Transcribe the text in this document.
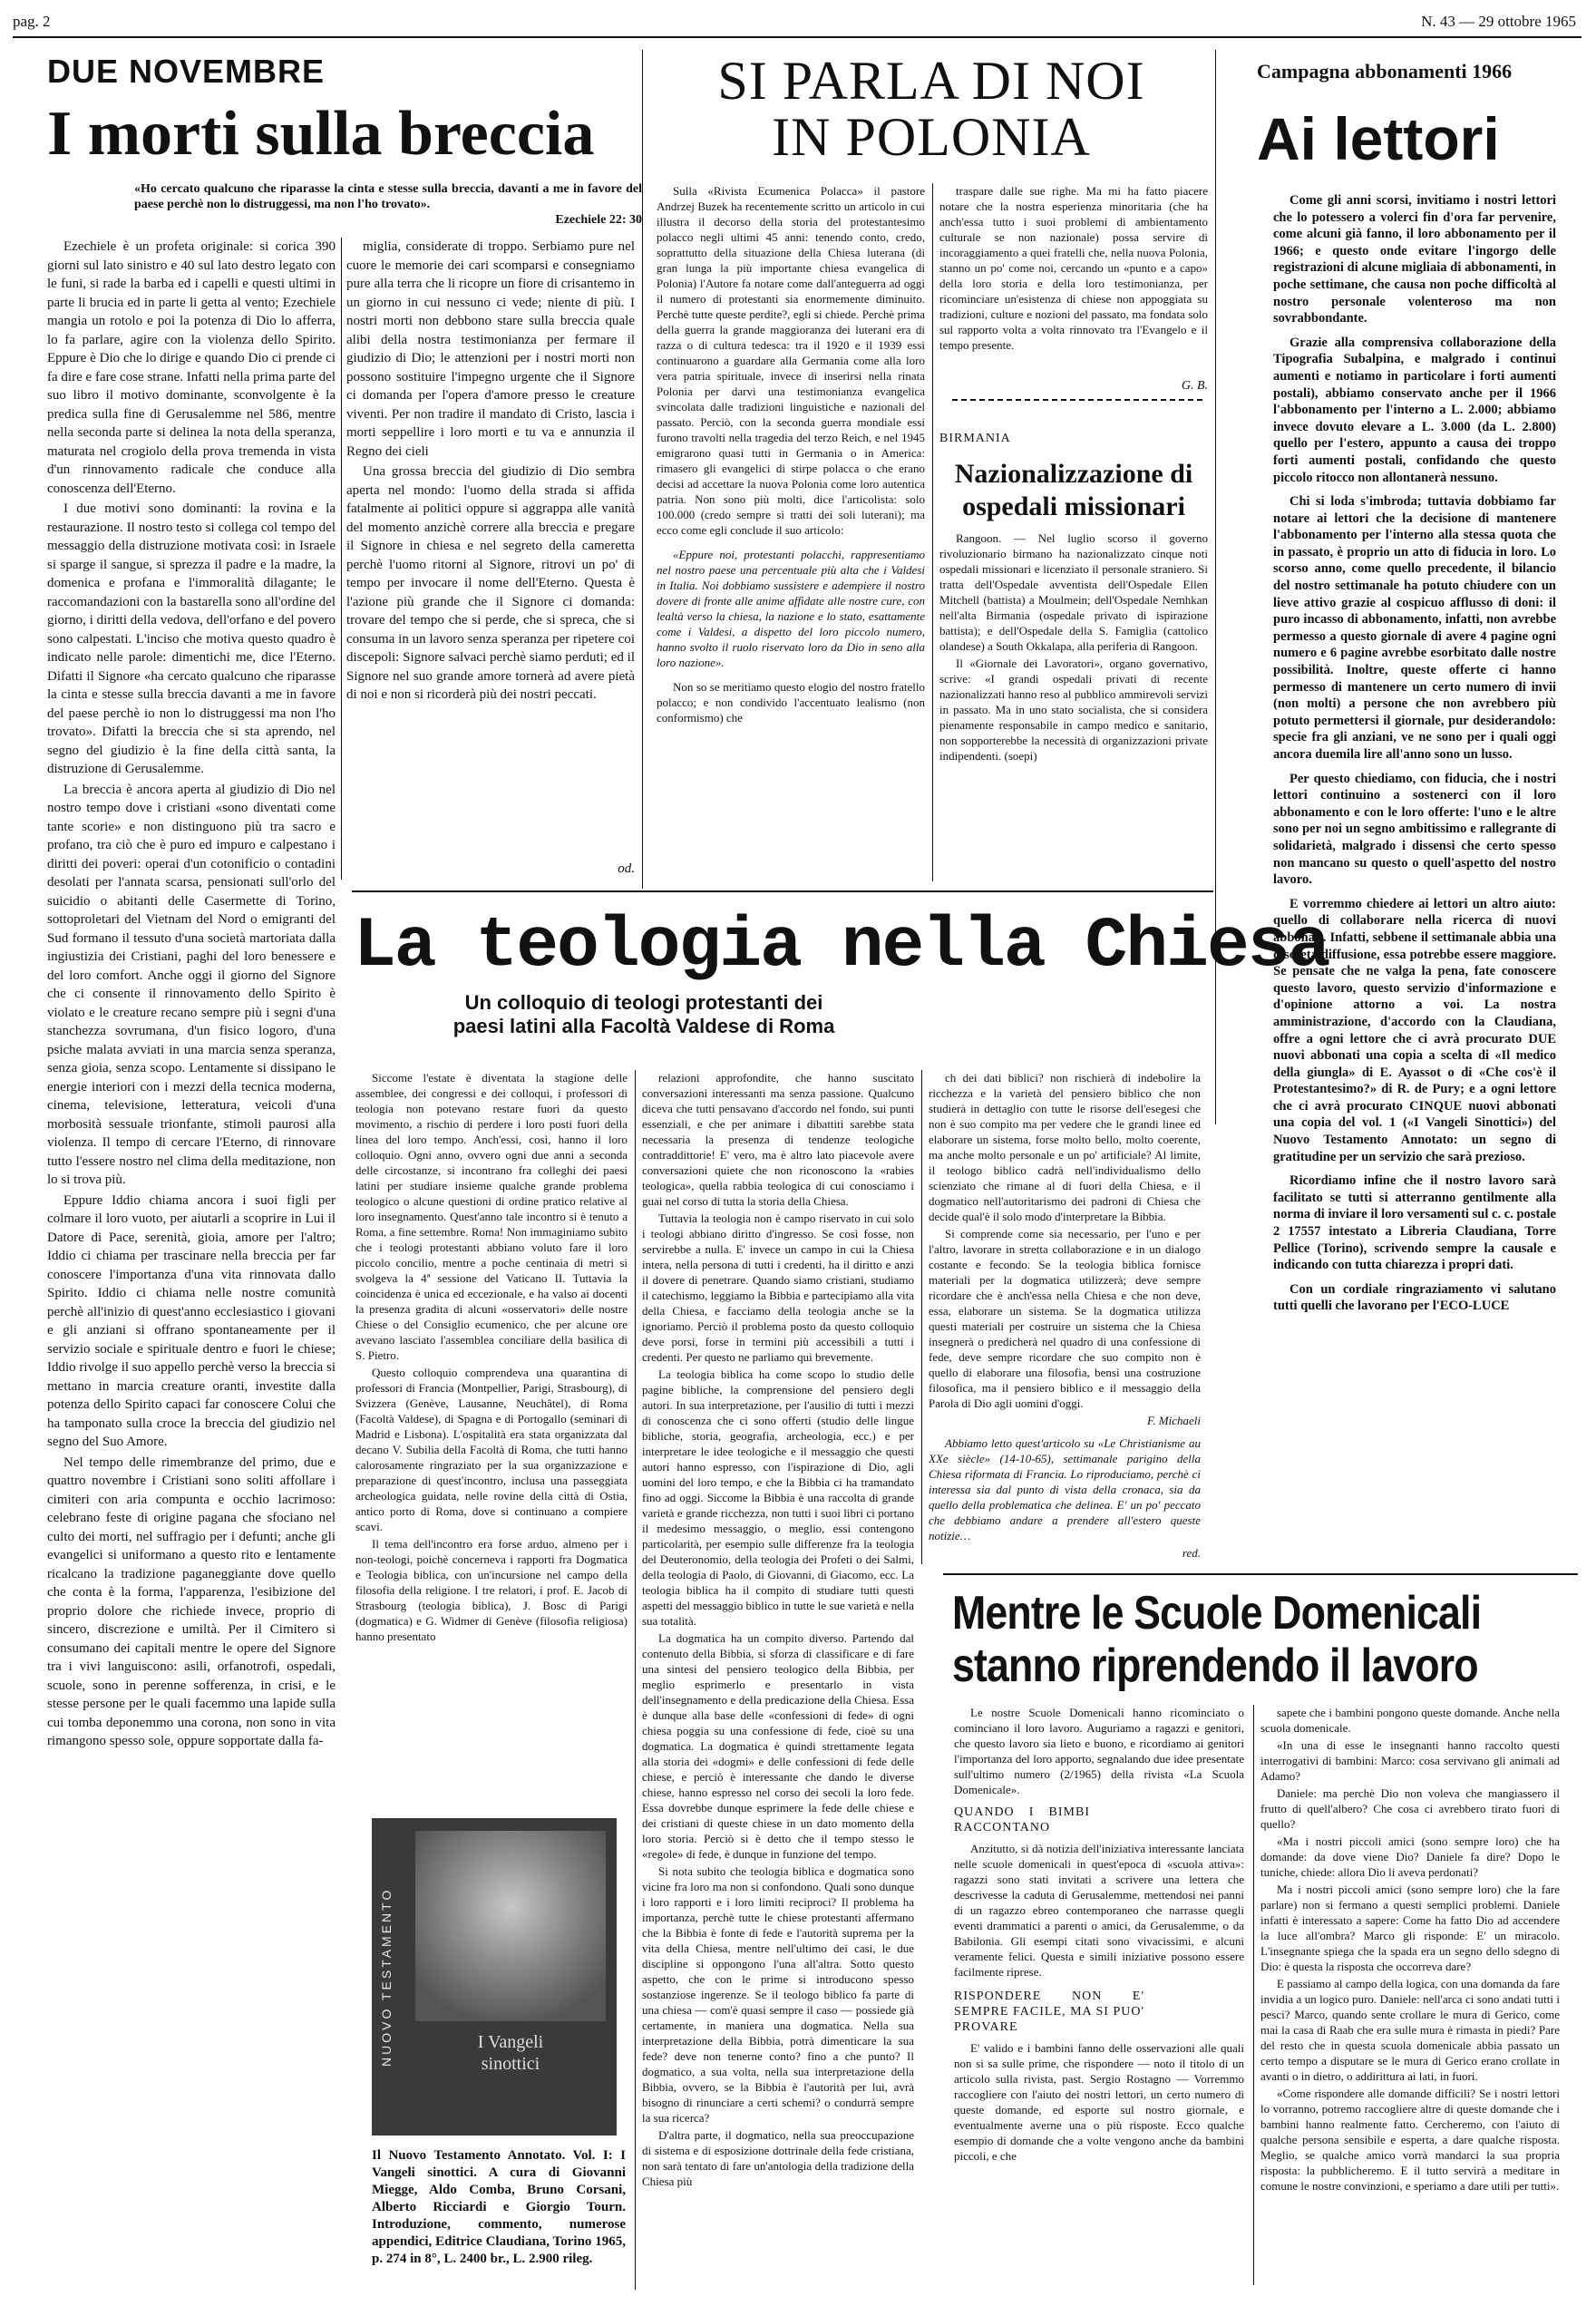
pag. 2	N. 43 — 29 ottobre 1965
DUE NOVEMBRE
I morti sulla breccia
«Ho cercato qualcuno che riparasse la cinta e stesse sulla breccia, davanti a me in favore del paese perchè non lo distruggessi, ma non l'ho trovato».
Ezechiele 22: 30

Ezechiele è un profeta originale: si corica 390 giorni sul lato sinistro e 40 sul lato destro legato con le funi, si rade la barba ed i capelli e questi ultimi in parte li brucia ed in parte li getta al vento; Ezechiele mangia un rotolo e poi la potenza di Dio lo afferra, lo fa parlare, agire con la violenza dello Spirito. Eppure è Dio che lo dirige e quando Dio ci prende ci fa dire e fare cose strane. Infatti nella prima parte del suo libro il motivo dominante, sconvolgente è la predica sulla fine di Gerusalemme nel 586, mentre nella seconda parte si delinea la nota della speranza, maturata nel crogiolo della prova tremenda in vista d'un rinnovamento radicale che conduce alla conoscenza dell'Eterno.

I due motivi sono dominanti: la rovina e la restaurazione. Il nostro testo si collega col tempo del messaggio della distruzione motivata così: in Israele si sparge il sangue, si sprezza il padre e la madre, la domenica e profana e l'immoralità dilagante; le raccomandazioni con la bastarella sono all'ordine del giorno, i diritti della vedova, dell'orfano e del povero sono calpestati. L'inciso che motiva questo quadro è indicato nelle parole: dimentichi me, dice l'Eterno. Difatti il Signore «ha cercato qualcuno che riparasse la cinta e stesse sulla breccia davanti a me in favore del paese perchè io non lo distruggessi ma non l'ho trovato». Difatti la breccia che si sta aprendo, nel segno del giudizio è la fine della città santa, la distruzione di Gerusalemme.

La breccia è ancora aperta al giudizio di Dio nel nostro tempo dove i cristiani «sono diventati come tante scorie» e non distinguono più tra sacro e profano, tra ciò che è puro ed impuro e calpestano i diritti dei poveri: operai d'un cotonificio o contadini desolati per l'annata scarsa, pensionati sull'orlo del suicidio o abitanti delle Casermette di Torino, sottoproletari del Vietnam del Nord o emigranti del Sud formano il tessuto d'una società martoriata dalla ingiustizia dei Cristiani, paghi del loro benessere e del loro comfort. Anche oggi il giorno del Signore che ci consente il rinnovamento dello Spirito è violato e le creature recano sempre più i segni d'una stanchezza sovrumana, d'un fisico logoro, d'una psiche malata avviati in una marcia senza speranza, senza gioia, senza scopo. Lentamente si dissipano le energie interiori con i mezzi della tecnica moderna, cinema, televisione, letteratura, veicoli d'una morbosità sessuale trionfante, stimoli paurosi alla violenza. Il tempo di cercare l'Eterno, di rinnovare tutto l'essere nostro nel clima della meditazione, non lo si trova più.

Eppure Iddio chiama ancora i suoi figli per colmare il loro vuoto, per aiutarli a scoprire in Lui il Datore di Pace, serenità, gioia, amore per l'altro; Iddio ci chiama per trascinare nella breccia per far conoscere l'importanza d'una vita rinnovata dallo Spirito. Iddio ci chiama nelle nostre comunità perchè all'inizio di quest'anno ecclesiastico i giovani e gli anziani si offrano spontaneamente per il servizio sociale e spirituale dentro e fuori le chiese; Iddio rivolge il suo appello perchè verso la breccia si mettano in marcia creature oranti, investite dalla potenza dello Spirito capaci far conoscere Colui che ha tamponato sulla croce la breccia del giudizio nel segno del Suo Amore.

Nel tempo delle rimembranze del primo, due e quattro novembre i Cristiani sono soliti affollare i cimiteri con aria compunta e occhio lacrimoso: celebrano feste di origine pagana che sfociano nel culto dei morti, nel suffragio per i defunti; anche gli evangelici si uniformano a questo rito e lentamente ricalcano la tradizione paganeggiante dove quello che conta è la forma, l'apparenza, l'esibizione del proprio dolore che richiede invece, proprio di sincero, discrezione e umiltà. Per il Cimitero si consumano dei capitali mentre le opere del Signore tra i vivi languiscono: asili, orfanotrofi, ospedali, scuole, sono in perenne sofferenza, in crisi, e le stesse persone per le quali facemmo una lapide sulla cui tomba deponemmo una corona, non sono in vita rimangono spesso sole, oppure sopportate dalla fa-

miglia, considerate di troppo. Serbiamo pure nel cuore le memorie dei cari scomparsi e consegniamo pure alla terra che li ricopre un fiore di crisantemo in un giorno in cui nessuno ci vede; niente di più. I nostri morti non debbono stare sulla breccia quale alibi della nostra testimonianza per fermare il giudizio di Dio; le attenzioni per i nostri morti non possono sostituire l'impegno urgente che il Signore ci domanda per l'opera d'amore presso le creature viventi. Per non tradire il mandato di Cristo, lascia i morti seppellire i loro morti e tu va e annunzia il Regno dei cieli

Una grossa breccia del giudizio di Dio sembra aperta nel mondo: l'uomo della strada si affida fatalmente ai politici oppure si aggrappa alle vanità del momento anzichè correre alla breccia e pregare il Signore in chiesa e nel segreto della cameretta perchè l'uomo ritorni al Signore, ritrovi un po' di tempo per invocare il nome dell'Eterno. Questa è l'azione più grande che il Signore ci domanda: trovare del tempo che si perde, che si spreca, che si consuma in un lavoro senza speranza per ripetere coi discepoli: Signore salvaci perchè siamo perduti; ed il Signore nel suo grande amore tornerà ad avere pietà di noi e non si ricorderà più dei nostri peccati.

od.
SI PARLA DI NOI
IN POLONIA

Sulla «Rivista Ecumenica Polacca» il pastore Andrzej Buzek ha recentemente scritto un articolo in cui illustra il decorso della storia del protestantesimo polacco negli ultimi 45 anni: tenendo conto, credo, soprattutto della situazione della Chiesa luterana (di gran lunga la più importante chiesa evangelica di Polonia) l'Autore fa notare come dall'anteguerra ad oggi il numero di protestanti sia enormemente diminuito. Perchè tutte queste perdite?, egli si chiede. Perchè prima della guerra la grande maggioranza dei luterani era di razza o di cultura tedesca: tra il 1920 e il 1939 essi continuarono a guardare alla Germania come alla loro vera patria spirituale, invece di inserirsi nella rinata Polonia per darvi una testimonianza evangelica svincolata dalle tradizioni linguistiche e nazionali del passato. Perciò, con la seconda guerra mondiale essi furono travolti nella tragedia del terzo Reich, e nel 1945 emigrarono quasi tutti in Germania o in America: rimasero gli evangelici di stirpe polacca o che erano decisi ad accettare la nuova Polonia come loro autentica patria. Non sono più molti, dice l'articolista: solo 100.000 (credo sempre si tratti dei soli luterani); ma ecco come egli conclude il suo articolo:

«Eppure noi, protestanti polacchi, rappresentiamo nel nostro paese una percentuale più alta che i Valdesi in Italia. Noi dobbiamo sussistere e adempiere il nostro dovere di fronte alle anime affidate alle nostre cure, con lealtà verso la chiesa, la nazione e lo stato, esattamente come i Valdesi, a dispetto del loro piccolo numero, hanno svolto il ruolo riservato loro da Dio in seno alla loro nazione».

Non so se meritiamo questo elogio del nostro fratello polacco; e non condivido l'accentuato lealismo (non conformismo) che

traspare dalle sue righe. Ma mi ha fatto piacere notare che la nostra esperienza minoritaria (che ha anch'essa tutto i suoi problemi di ambientamento culturale se non nazionale) possa servire di incoraggiamento a quei fratelli che, nella nuova Polonia, stanno un po' come noi, cercando un «punto e a capo» della loro storia e della loro testimonianza, per ricominciare un'esistenza di chiese non appoggiata su tradizioni, culture e nozioni del passato, ma fondata solo sul rapporto volta a volta rinnovato tra l'Evangelo e il tempo presente.

G. B.
BIRMANIA
Nazionalizzazione di ospedali missionari

Rangoon. — Nel luglio scorso il governo rivoluzionario birmano ha nazionalizzato cinque noti ospedali missionari e licenziato il personale straniero. Si tratta dell'Ospedale avventista dell'Ospedale Ellen Mitchell (battista) a Moulmein; dell'Ospedale Nemhkan nell'alta Birmania (ospedale privato di ispirazione battista); e dell'Ospedale della S. Famiglia (cattolico olandese) a South Okkalapa, alla periferia di Rangoon.

Il «Giornale dei Lavoratori», organo governativo, scrive: «I grandi ospedali privati di recente nazionalizzati hanno reso al pubblico ammirevoli servizi in passato. Ma in uno stato socialista, che si considera pienamente responsabile in campo medico e sanitario, non sopporterebbe la necessità di organizzazioni private indipendenti. (soepi)

Campagna abbonamenti 1966
Ai lettori

Come gli anni scorsi, invitiamo i nostri lettori che lo potessero a volerci fin d'ora far pervenire, come alcuni già fanno, il loro abbonamento per il 1966; e questo onde evitare l'ingorgo delle registrazioni di alcune migliaia di abbonamenti, in poche settimane, che causa non poche difficoltà al nostro personale volenteroso ma non sovrabbondante.

Grazie alla comprensiva collaborazione della Tipografia Subalpina, e malgrado i continui aumenti e notiamo in particolare i forti aumenti postali), abbiamo conservato anche per il 1966 l'abbonamento per l'interno a L. 2.000; abbiamo invece dovuto elevare a L. 3.000 (da L. 2.800) quello per l'estero, appunto a causa dei troppo forti aumenti postali, confidando che questo piccolo ritocco non allontanerà nessuno.

Chi si loda s'imbroda; tuttavia dobbiamo far notare ai lettori che la decisione di mantenere l'abbonamento per l'interno alla stessa quota che in passato, è proprio un atto di fiducia in loro. Lo scorso anno, come quello precedente, il bilancio del nostro settimanale ha potuto chiudere con un lieve attivo grazie al cospicuo afflusso di doni: il puro incasso di abbonamento, infatti, non avrebbe permesso a questo giornale di avere 4 pagine ogni numero e 6 pagine avrebbe esorbitato dalle nostre possibilità. Inoltre, queste offerte ci hanno permesso di mantenere un certo numero di invii (non molti) a persone che non avrebbero più potuto permettersi il giornale, pur desiderandolo: specie fra gli anziani, ve ne sono per i quali oggi ancora duemila lire all'anno sono un lusso.

Per questo chiediamo, con fiducia, che i nostri lettori continuino a sostenerci con il loro abbonamento e con le loro offerte: l'uno e le altre sono per noi un segno ambitissimo e rallegrante di solidarietà, malgrado i dissensi che certo spesso non mancano su questo o quell'aspetto del nostro lavoro.

E vorremmo chiedere ai lettori un altro aiuto: quello di collaborare nella ricerca di nuovi abbonati. Infatti, sebbene il settimanale abbia una discreta diffusione, essa potrebbe essere maggiore. Se pensate che ne valga la pena, fate conoscere questo lavoro, questo servizio d'informazione e d'opinione attorno a voi. La nostra amministrazione, d'accordo con la Claudiana, offre a ogni lettore che ci avrà procurato DUE nuovi abbonati una copia a scelta di «Il medico della giungla» di E. Ayassot o di «Che cos'è il Protestantesimo?» di R. de Pury; e a ogni lettore che ci avrà procurato CINQUE nuovi abbonati una copia del vol. 1 («I Vangeli Sinottici») del Nuovo Testamento Annotato: un segno di gratitudine per un servizio che sarà prezioso.

Ricordiamo infine che il nostro lavoro sarà facilitato se tutti si atterranno gentilmente alla norma di inviare il loro versamenti sul c. c. postale 2 17557 intestato a Libreria Claudiana, Torre Pellice (Torino), scrivendo sempre la causale e indicando con tutta chiarezza i propri dati.

Con un cordiale ringraziamento vi salutano tutti quelli che lavorano per l'ECO-LUCE

La teologia nella Chiesa
Un colloquio di teologi protestanti dei
paesi latini alla Facoltà Valdese di Roma

Siccome l'estate è diventata la stagione delle assemblee, dei congressi e dei colloqui, i professori di teologia non potevano restare fuori da questo movimento, a rischio di perdere i loro posti fuori della linea del loro tempo. Anch'essi, così, hanno il loro colloquio. Ogni anno, ovvero ogni due anni a seconda delle circostanze, si incontrano fra colleghi dei paesi latini per studiare insieme qualche grande problema teologico o alcune questioni di ordine pratico relative al loro insegnamento. Quest'anno tale incontro si è tenuto a Roma, a fine settembre. Roma! Non immaginiamo subito che i teologi protestanti abbiano voluto fare il loro piccolo concilio, mentre a poche centinaia di metri si svolgeva la 4ª sessione del Vaticano II. Tuttavia la coincidenza è unica ed eccezionale, e ha valso ai docenti la presenza gradita di alcuni «osservatori» delle nostre Chiese o del Consiglio ecumenico, che per alcune ore avevano lasciato l'assemblea conciliare della basilica di S. Pietro.

Questo colloquio comprendeva una quarantina di professori di Francia (Montpellier, Parigi, Strasbourg), di Svizzera (Genève, Lausanne, Neuchâtel), di Roma (Facoltà Valdese), di Spagna e di Portogallo (seminari di Madrid e Lisbona). L'ospitalità era stata organizzata dal decano V. Subilia della Facoltà di Roma, che tutti hanno calorosamente ringraziato per la sua organizzazione e preparazione di quest'incontro, inclusa una passeggiata archeologica guidata, nelle rovine della città di Ostia, antico porto di Roma, dove si continuano a compiere scavi.

Il tema dell'incontro era forse arduo, almeno per i non-teologi, poichè concerneva i rapporti fra Dogmatica e Teologia biblica, con un'incursione nel campo della filosofia della religione. I tre relatori, i prof. E. Jacob di Strasbourg (teologia biblica), J. Bosc di Parigi (dogmatica) e G. Widmer di Genève (filosofia religiosa) hanno presentato

relazioni approfondite, che hanno suscitato conversazioni interessanti ma senza passione. Qualcuno diceva che tutti pensavano d'accordo nel fondo, sui punti essenziali, e che per animare i dibattiti sarebbe stata necessaria la presenza di tendenze teologiche contraddittorie! E' vero, ma è altro lato piacevole avere conversazioni quiete che non riconoscono la «rabies teologica», quella rabbia teologica di cui conosciamo i guai nel corso di tutta la storia della Chiesa.

Tuttavia la teologia non è campo riservato in cui solo i teologi abbiano diritto d'ingresso. Se così fosse, non servirebbe a nulla. E' invece un campo in cui la Chiesa intera, nella persona di tutti i credenti, ha il diritto e anzi il dovere di penetrare. Quando siamo cristiani, studiamo il catechismo, leggiamo la Bibbia e partecipiamo alla vita della Chiesa, e facciamo della teologia anche se la ignoriamo. Perciò il problema posto da questo colloquio deve porsi, forse in termini più accessibili a tutti i credenti. Per questo ne parliamo qui brevemente.

La teologia biblica ha come scopo lo studio delle pagine bibliche, la comprensione del pensiero degli autori. In sua interpretazione, per l'ausilio di tutti i mezzi di conoscenza che ci sono offerti (studio delle lingue bibliche, storia, geografia, archeologia, ecc.) e per interpretare le idee teologiche e il messaggio che questi autori hanno espresso, con l'ispirazione di Dio, agli uomini del loro tempo, e che la Bibbia ci ha tramandato fino ad oggi. Siccome la Bibbia è una raccolta di grande varietà e grande ricchezza, non tutti i suoi libri ci portano il medesimo messaggio, o meglio, essi contengono particolarità, per esempio sulle differenze fra la teologia del Deuteronomio, della teologia dei Profeti o dei Salmi, della teologia di Paolo, di Giovanni, di Giacomo, ecc. La teologia biblica ha il compito di studiare tutti questi aspetti del messaggio biblico in tutte le sue varietà e nella sua totalità.

La dogmatica ha un compito diverso. Partendo dal contenuto della Bibbia, si sforza di classificare e di fare una sintesi del pensiero teologico della Bibbia, per meglio esprimerlo e presentarlo in vista dell'insegnamento e della predicazione della Chiesa. Essa è dunque alla base delle «confessioni di fede» di ogni chiesa poggia su una confessione di fede, cioè su una dogmatica. La dogmatica è quindi strettamente legata alla storia dei «dogmi» e delle confessioni di fede delle chiese, e perciò è interessante che dando le diverse chiese, hanno espresso nel corso dei secoli la loro fede. Essa dovrebbe dunque esprimere la fede delle chiese e dei cristiani di queste chiese in un dato momento della loro storia. Perciò si è detto che il tempo stesso le «regole» di fede, è dunque in funzione del tempo.

Si nota subito che teologia biblica e dogmatica sono vicine fra loro ma non si confondono. Quali sono dunque i loro rapporti e i loro limiti reciproci? Il problema ha importanza, perchè tutte le chiese protestanti affermano che la Bibbia è fonte di fede e l'autorità suprema per la vita della Chiesa, mentre nell'ultimo dei casi, le due discipline si oppongono l'una all'altra. Sotto questo aspetto, che con le prime si introducono spesso sostanziose ingerenze. Se il teologo biblico fa parte di una chiesa — com'è quasi sempre il caso — possiede già certamente, in maniera una dogmatica. Nella sua interpretazione della Bibbia, potrà dimenticare la sua fede? deve non tenerne conto? fino a che punto? Il dogmatico, a sua volta, nella sua interpretazione della Bibbia, ovvero, se la Bibbia è l'autorità per lui, avrà bisogno di rinunciare a certi schemi? o condurrà sempre la sua ricerca?

D'altra parte, il dogmatico, nella sua preoccupazione di sistema e di esposizione dottrinale della fede cristiana, non sarà tentato di fare un'antologia della tradizione della Chiesa più

ch dei dati biblici? non rischierà di indebolire la ricchezza e la varietà del pensiero biblico che non studierà in dettaglio con tutte le risorse dell'esegesi che non è suo compito ma per vedere che le grandi linee ed elaborare un sistema, forse molto bello, molto coerente, ma anche molto personale e un po' artificiale? Al limite, il teologo biblico cadrà nell'individualismo dello scienziato che rimane al di fuori della Chiesa, e il dogmatico nell'autoritarismo dei padroni di Chiesa che decide qual'è il solo modo d'interpretare la Bibbia.

Si comprende come sia necessario, per l'uno e per l'altro, lavorare in stretta collaborazione e in un dialogo costante e fecondo. Se la teologia biblica fornisce materiali per la dogmatica utilizzerà; deve sempre ricordare che è anch'essa nella Chiesa e che non deve, essa, elaborare un sistema. Se la dogmatica utilizza questi materiali per costruire un sistema che la Chiesa insegnerà o predicherà nel quadro di una confessione di fede, deve sempre ricordare che suo compito non è quello di elaborare una filosofia, bensì una costruzione filosofica, ma il pensiero biblico e il messaggio della Parola di Dio agli uomini d'oggi.

F. Michaeli

Abbiamo letto quest'articolo su «Le Christianisme au XXe siècle» (14-10-65), settimanale parigino della Chiesa riformata di Francia. Lo riproduciamo, perchè ci interessa sia dal punto di vista della cronaca, sia da quello della problematica che delinea. E' un po' peccato che debbiamo andare a prendere all'estero queste notizie…

red.
NUOVO TESTAMENTO	I Vangeli
sinottici
Il Nuovo Testamento Annotato. Vol. I: I Vangeli sinottici. A cura di Giovanni Miegge, Aldo Comba, Bruno Corsani, Alberto Ricciardi e Giorgio Tourn. Introduzione, commento, numerose appendici, Editrice Claudiana, Torino 1965, p. 274 in 8°, L. 2400 br., L. 2.900 rileg.
Mentre le Scuole Domenicali
stanno riprendendo il lavoro

Le nostre Scuole Domenicali hanno ricominciato o cominciano il loro lavoro. Auguriamo a ragazzi e genitori, che questo lavoro sia lieto e buono, e ricordiamo ai genitori l'importanza del loro apporto, segnalando due idee presentate sull'ultimo numero (2/1965) della rivista «La Scuola Domenicale».

QUANDO I BIMBI RACCONTANO

Anzitutto, si dà notizia dell'iniziativa interessante lanciata nelle scuole domenicali in quest'epoca di «scuola attiva»: ragazzi sono stati invitati a scrivere una lettera che descrivesse la caduta di Gerusalemme, mettendosi nei panni di un ragazzo ebreo contemporaneo che narrasse quegli eventi drammatici a parenti o amici, da Gerusalemme, o da Babilonia. Gli esempi citati sono vivacissimi, e alcuni veramente felici. Questa e simili iniziative possono essere facilmente riprese.

RISPONDERE NON E' SEMPRE FACILE, MA SI PUO' PROVARE

E' valido e i bambini fanno delle osservazioni alle quali non si sa sulle prime, che rispondere — noto il titolo di un articolo sulla rivista, past. Sergio Rostagno — Vorremmo raccogliere con l'aiuto dei nostri lettori, un certo numero di queste domande, ed esporte sul nostro giornale, e eventualmente averne una o più risposte. Ecco qualche esempio di domande che a volte vengono anche da bambini piccoli, e che

sapete che i bambini pongono queste domande. Anche nella scuola domenicale.

«In una di esse le insegnanti hanno raccolto questi interrogativi di bambini: Marco: cosa servivano gli animali ad Adamo?

Daniele: ma perchè Dio non voleva che mangiassero il frutto di quell'albero? Che cosa ci avrebbero tirato fuori di quello?

«Ma i nostri piccoli amici (sono sempre loro) che ha domande: da dove viene Dio? Daniele fa dire? Dopo le tuniche, chiede: allora Dio li aveva perdonati?

Ma i nostri piccoli amici (sono sempre loro) che la fare parlare) non si fermano a questi semplici problemi. Daniele infatti è interessato a sapere: Come ha fatto Dio ad accendere la luce all'ombra? Marco gli risponde: E' un miracolo. L'insegnante spiega che la spada era un segno dello sdegno di Dio: è questa la risposta che occorreva dare?

E passiamo al campo della logica, con una domanda da fare invidia a un logico puro. Daniele: nell'arca ci sono andati tutti i pesci? Marco, quando sente crollare le mura di Gerico, come mai la casa di Raab che era sulle mura è rimasta in piedi? Pare del resto che in questa scuola domenicale abbia passato un certo tempo a disputare se le mura di Gerico erano crollate in avanti o in dietro, o addirittura ai lati, in fuori.

«Come rispondere alle domande difficili? Se i nostri lettori lo vorranno, potremo raccogliere altre di queste domande che i bambini hanno realmente fatto. Cercheremo, con l'aiuto di qualche persona sensibile e esperta, a dare qualche risposta. Meglio, se qualche amico vorrà mandarci la sua propria risposta: la pubblicheremo. E il tutto servirà a meditare in comune le nostre convinzioni, e speriamo a dare utili per tutti».
